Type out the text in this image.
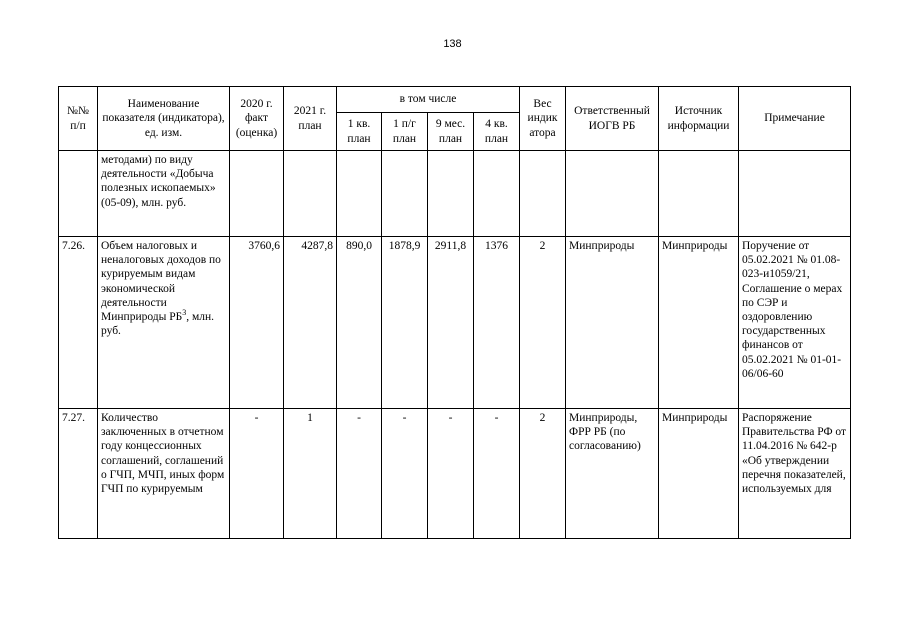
138
№№ п/п	Наименование показателя (индикатора), ед. изм.	2020 г. факт (оценка)	2021 г. план	в том числе				Вес индик атора	Ответственный ИОГВ РБ	Источник информации	Примечание
				1 кв. план	1 п/г план	9 мес. план	4 кв. план				
	методами) по виду деятельности «Добыча полезных ископаемых» (05-09), млн. руб.										
7.26.	Объем налоговых и неналоговых доходов по курируемым видам экономической деятельности Минприроды $РБ^3$, млн. руб.	3760,6	4287,8	890,0	1878,9	2911,8	1376	2	Минприроды	Минприроды	Поручение от 05.02.2021 № 01.08-023-и1059/21, Соглашение о мерах по СЭР и оздоровлению государственных финансов от 05.02.2021 № 01-01-06/06-60
7.27.	Количество заключенных в отчетном году концессионных соглашений, соглашений о ГЧП, МЧП, иных форм ГЧП по курируемым	-	1	-	-	-	-	2	Минприроды, ФРР РБ (по согласованию)	Минприроды	Распоряжение Правительства РФ от 11.04.2016 № 642-р «Об утверждении перечня показателей, используемых для
